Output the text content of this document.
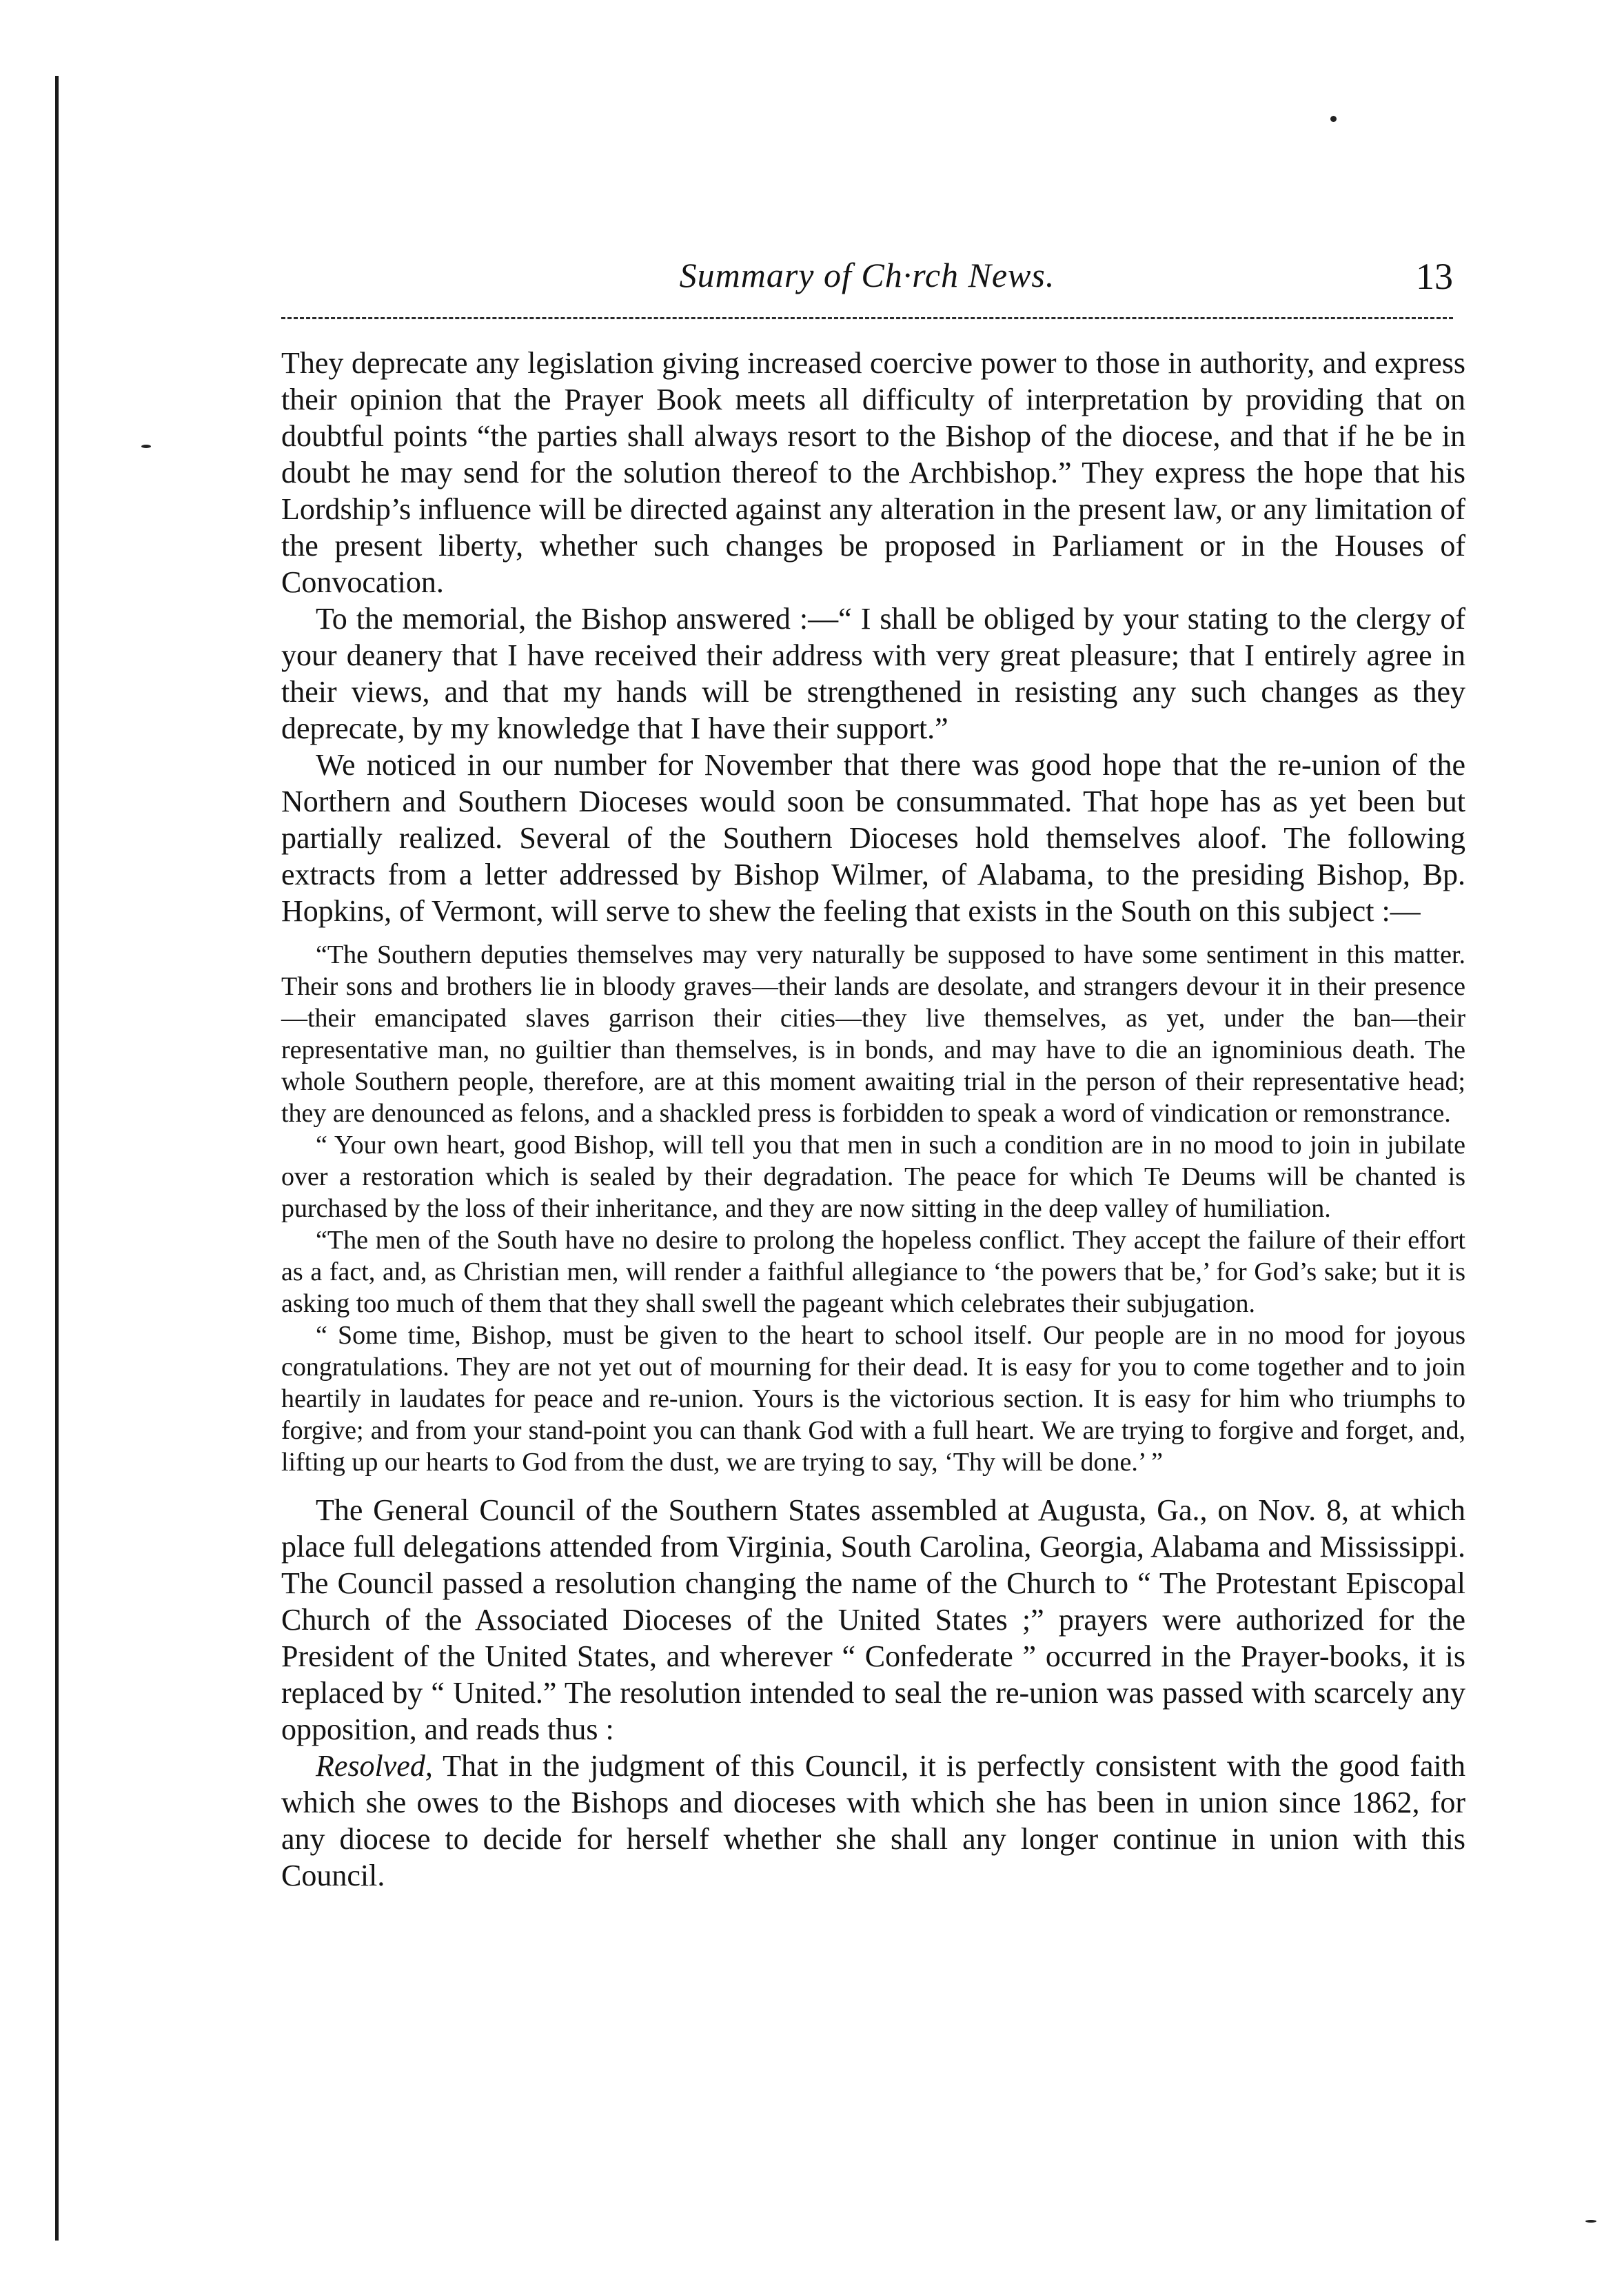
Summary of Ch·rch News.	13

They deprecate any legislation giving increased coercive power to those in authority, and express their opinion that the Prayer Book meets all difficulty of interpretation by providing that on doubtful points “the parties shall always resort to the Bishop of the diocese, and that if he be in doubt he may send for the solution thereof to the Archbishop.” They express the hope that his Lordship’s influence will be directed against any alteration in the present law, or any limitation of the present liberty, whether such changes be proposed in Parliament or in the Houses of Convocation.

To the memorial, the Bishop answered :—“ I shall be obliged by your stating to the clergy of your deanery that I have received their address with very great pleasure; that I entirely agree in their views, and that my hands will be strengthened in resisting any such changes as they deprecate, by my knowledge that I have their support.”

We noticed in our number for November that there was good hope that the re-union of the Northern and Southern Dioceses would soon be consummated. That hope has as yet been but partially realized. Several of the Southern Dioceses hold themselves aloof. The following extracts from a letter addressed by Bishop Wilmer, of Alabama, to the presiding Bishop, Bp. Hopkins, of Vermont, will serve to shew the feeling that exists in the South on this subject :—

“The Southern deputies themselves may very naturally be supposed to have some sentiment in this matter. Their sons and brothers lie in bloody graves—their lands are desolate, and strangers devour it in their presence—their emancipated slaves garrison their cities—they live themselves, as yet, under the ban—their representative man, no guiltier than themselves, is in bonds, and may have to die an ignominious death. The whole Southern people, therefore, are at this moment awaiting trial in the person of their representative head; they are denounced as felons, and a shackled press is forbidden to speak a word of vindication or remonstrance.

“ Your own heart, good Bishop, will tell you that men in such a condition are in no mood to join in jubilate over a restoration which is sealed by their degradation. The peace for which Te Deums will be chanted is purchased by the loss of their inheritance, and they are now sitting in the deep valley of humiliation.

“The men of the South have no desire to prolong the hopeless conflict. They accept the failure of their effort as a fact, and, as Christian men, will render a faithful allegiance to ‘the powers that be,’ for God’s sake; but it is asking too much of them that they shall swell the pageant which celebrates their subjugation.

“ Some time, Bishop, must be given to the heart to school itself. Our people are in no mood for joyous congratulations. They are not yet out of mourning for their dead. It is easy for you to come together and to join heartily in laudates for peace and re-union. Yours is the victorious section. It is easy for him who triumphs to forgive; and from your stand-point you can thank God with a full heart. We are trying to forgive and forget, and, lifting up our hearts to God from the dust, we are trying to say, ‘Thy will be done.’ ”

The General Council of the Southern States assembled at Augusta, Ga., on Nov. 8, at which place full delegations attended from Virginia, South Carolina, Georgia, Alabama and Mississippi. The Council passed a resolution changing the name of the Church to “ The Protestant Episcopal Church of the Associated Dioceses of the United States ;” prayers were authorized for the President of the United States, and wherever “ Confederate ” occurred in the Prayer-books, it is replaced by “ United.” The resolution intended to seal the re-union was passed with scarcely any opposition, and reads thus :

Resolved, That in the judgment of this Council, it is perfectly consistent with the good faith which she owes to the Bishops and dioceses with which she has been in union since 1862, for any diocese to decide for herself whether she shall any longer continue in union with this Council.
